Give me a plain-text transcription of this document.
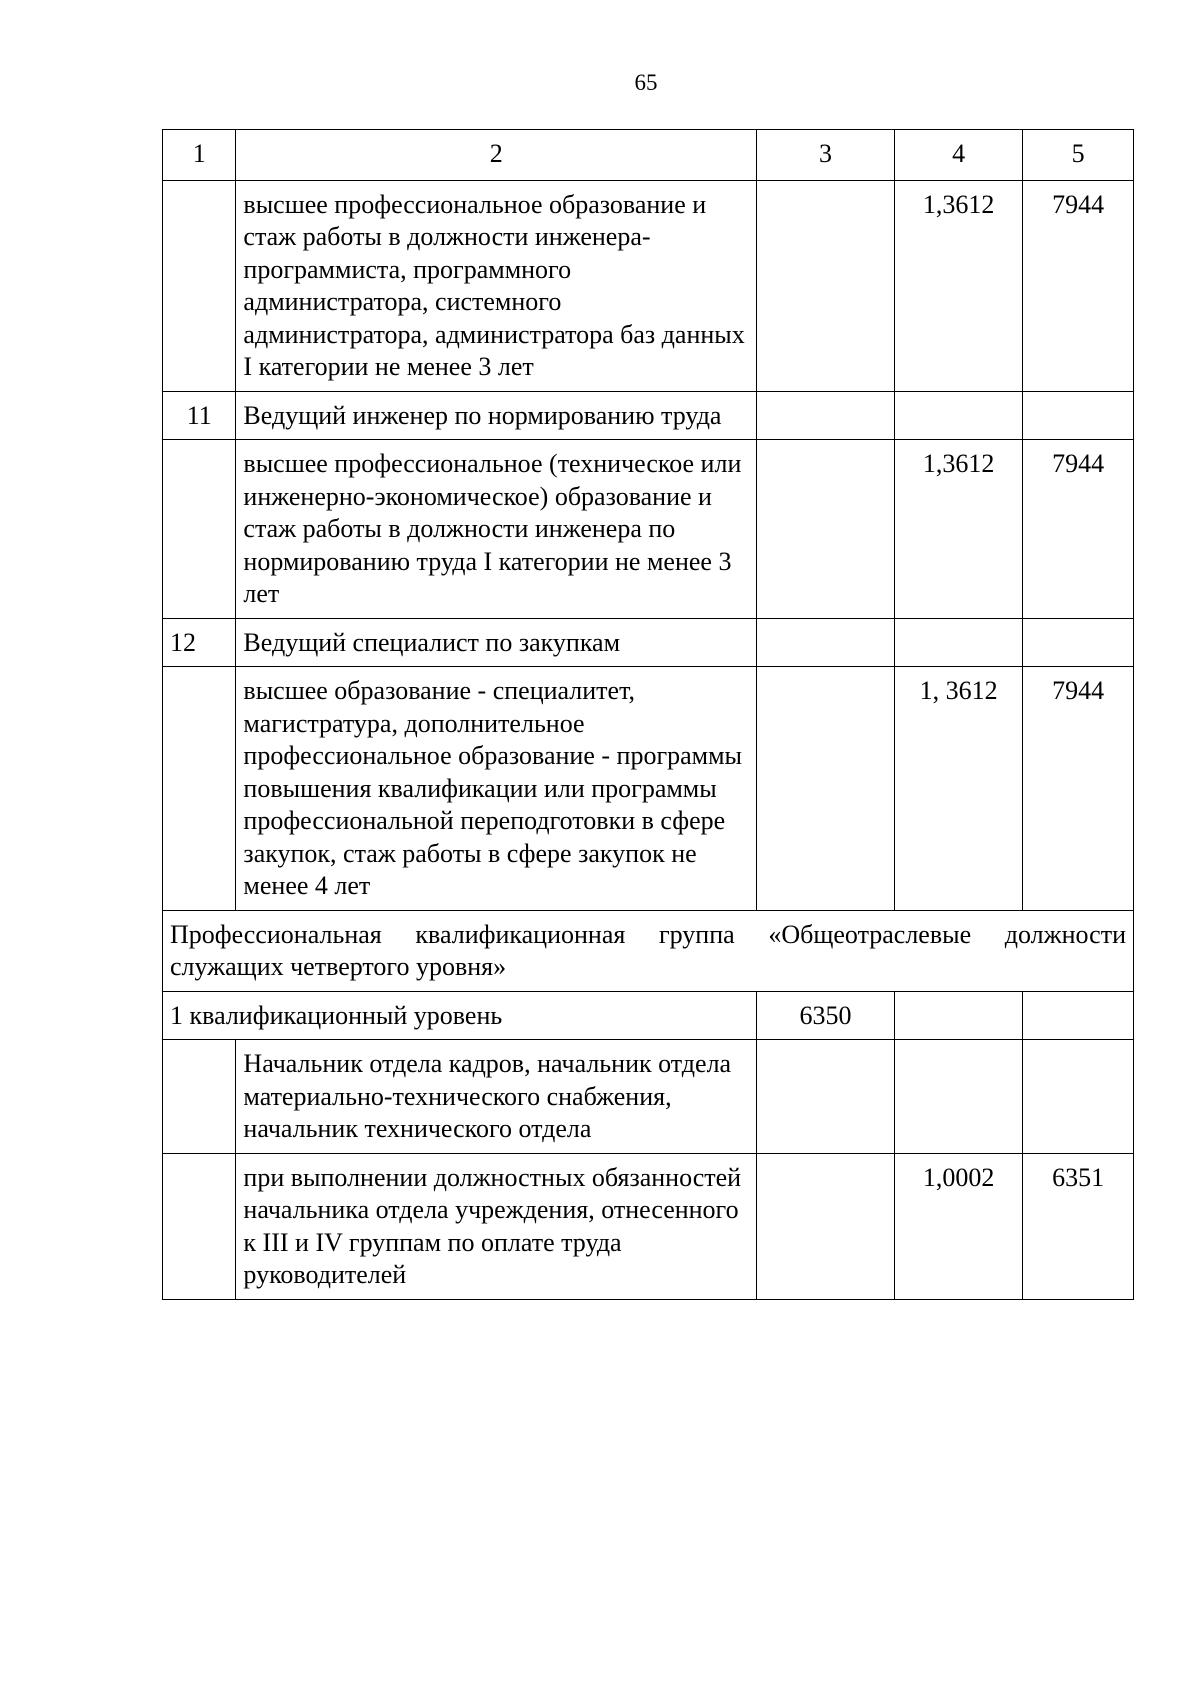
65
1	2	3	4	5
	высшее профессиональное образование и стаж работы в должности инженера-программиста, программного администратора, системного администратора, администратора баз данных I категории не менее 3 лет		1,3612	7944
11	Ведущий инженер по нормированию труда			
	высшее профессиональное (техническое или инженерно-экономическое) образование и стаж работы в должности инженера по нормированию труда I категории не менее 3 лет		1,3612	7944
12	Ведущий специалист по закупкам			
	высшее образование - специалитет, магистратура, дополнительное профессиональное образование - программы повышения квалификации или программы профессиональной переподготовки в сфере закупок, стаж работы в сфере закупок не менее 4 лет		1, 3612	7944
Профессиональная квалификационная группа «Общеотраслевые должности служащих четвертого уровня»				
1 квалификационный уровень		6350		
	Начальник отдела кадров, начальник отдела материально-технического снабжения, начальник технического отдела			
	при выполнении должностных обязанностей начальника отдела учреждения, отнесенного к III и IV группам по оплате труда руководителей		1,0002	6351
